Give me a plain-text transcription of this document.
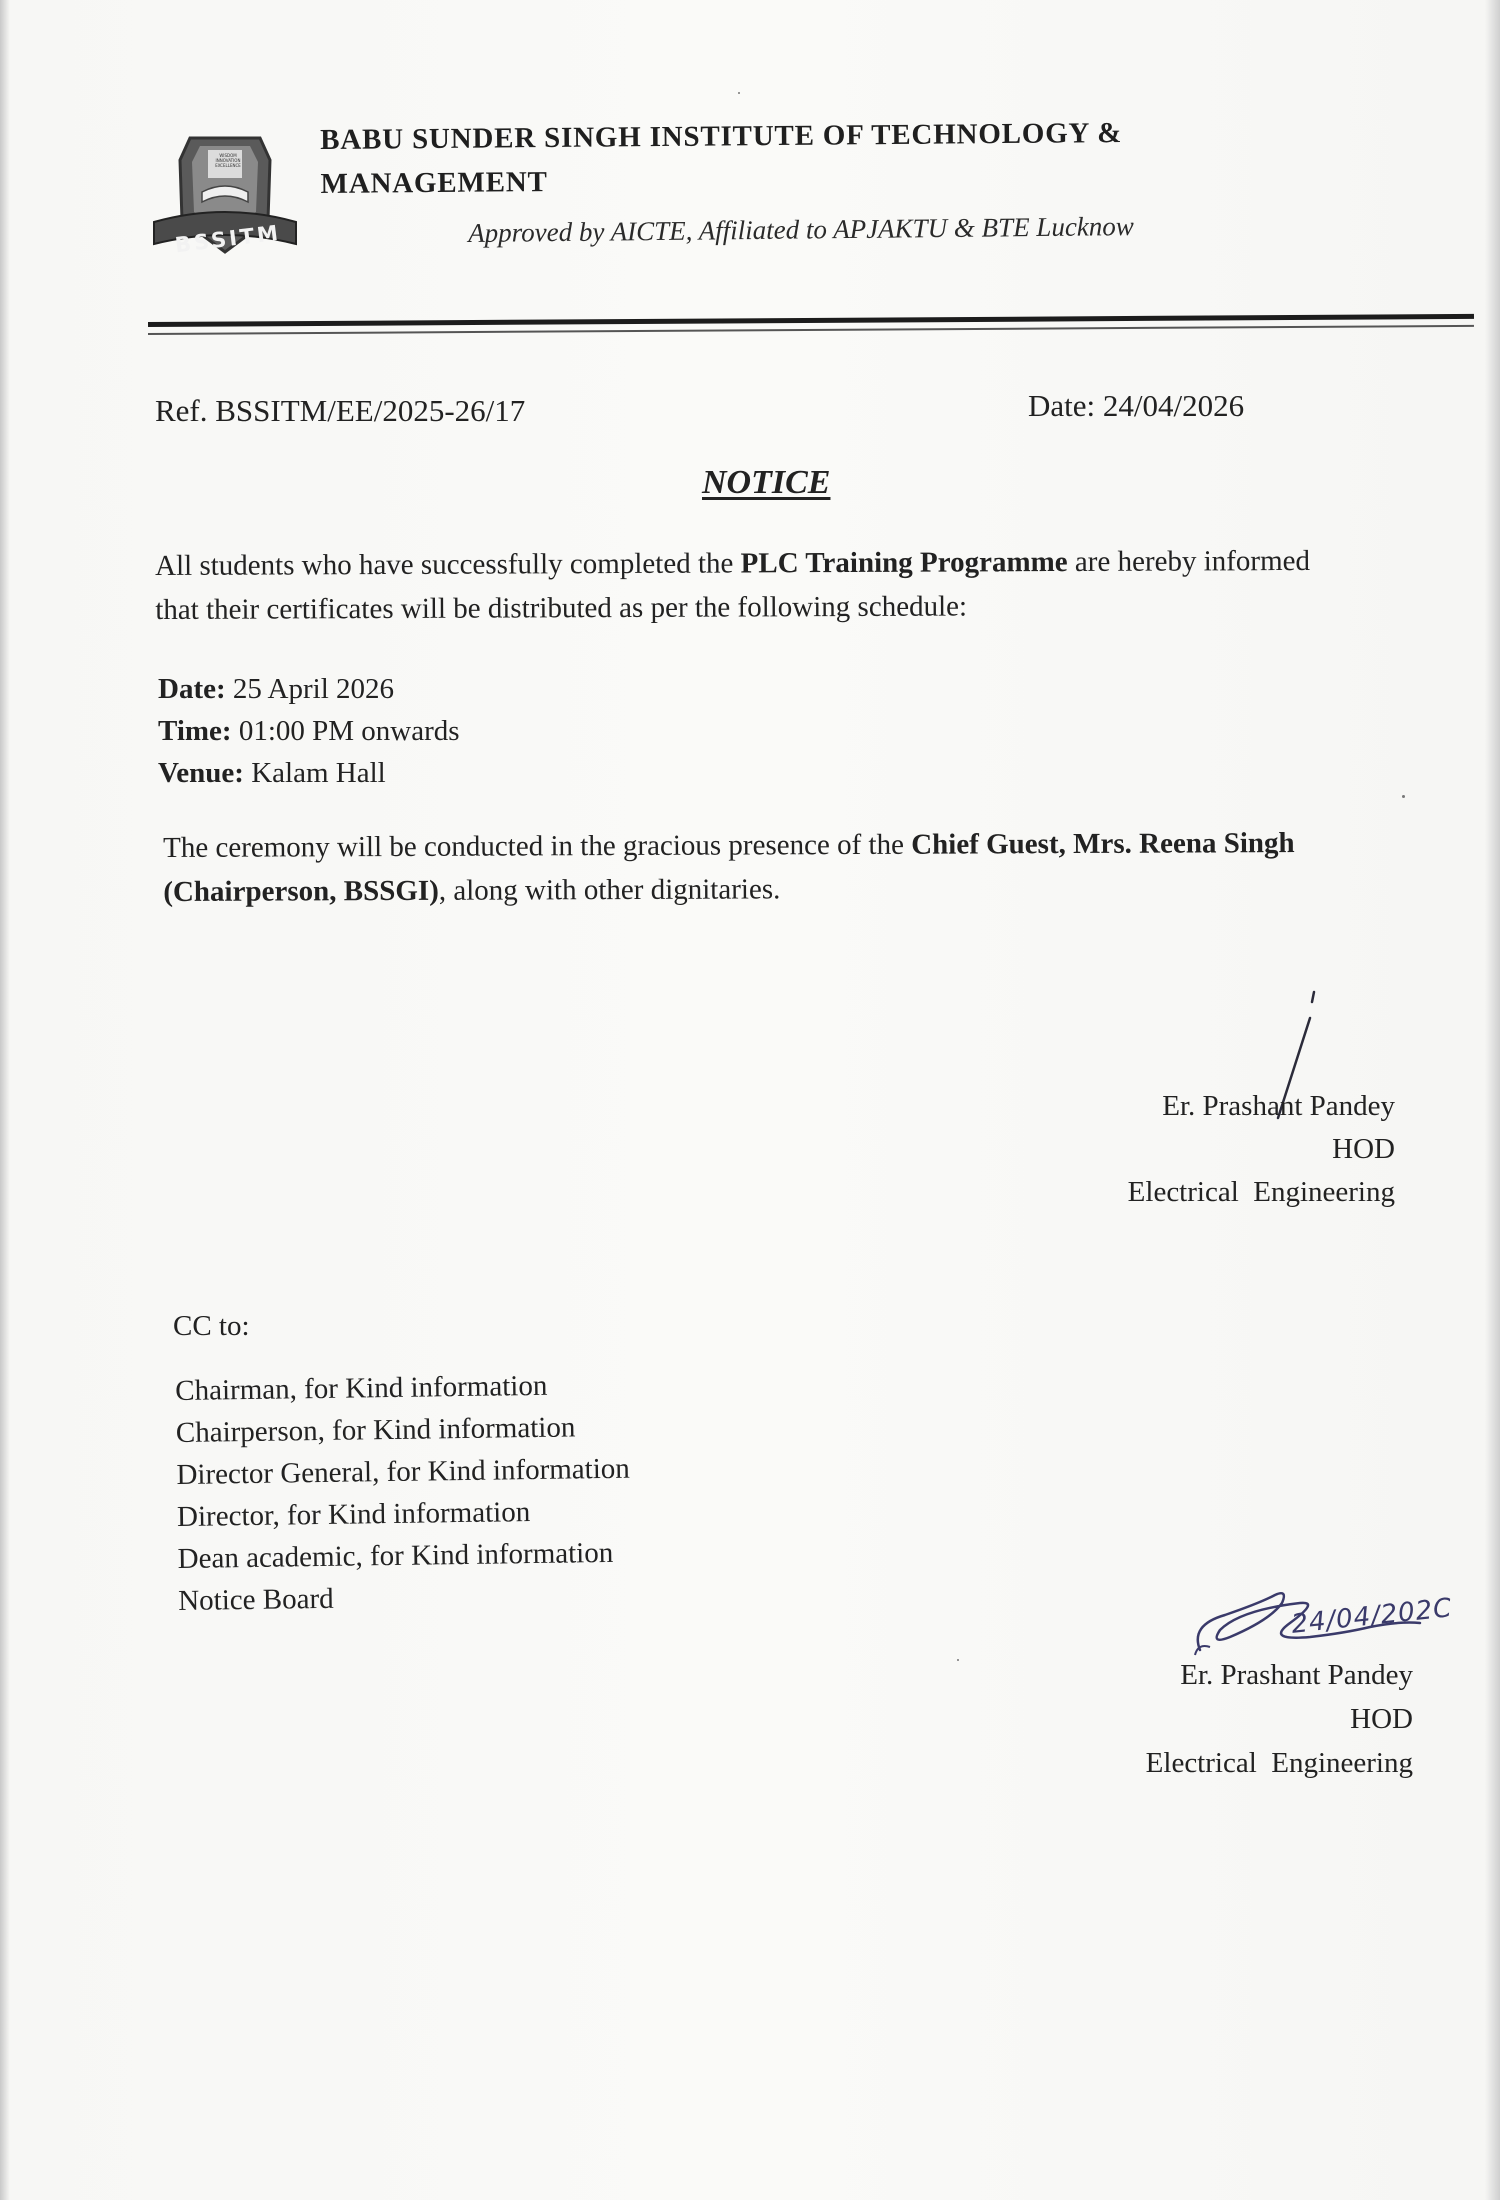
WISDOM INNOVATION EXCELLENCE
BSSITM
BABU SUNDER SINGH INSTITUTE OF TECHNOLOGY & MANAGEMENT
Approved by AICTE, Affiliated to APJAKTU & BTE Lucknow
Ref. BSSITM/EE/2025-26/17	Date: 24/04/2026
NOTICE
All students who have successfully completed the PLC Training Programme are hereby informed that their certificates will be distributed as per the following schedule:
Date: 25 April 2026
Time: 01:00 PM onwards
Venue: Kalam Hall
The ceremony will be conducted in the gracious presence of the Chief Guest, Mrs. Reena Singh (Chairperson, BSSGI), along with other dignitaries.
Er. Prashant Pandey
HOD
Electrical  Engineering
CC to:
Chairman, for Kind information
Chairperson, for Kind information
Director General, for Kind information
Director, for Kind information
Dean academic, for Kind information
Notice Board	24/04/202C
Er. Prashant Pandey
HOD
Electrical  Engineering
